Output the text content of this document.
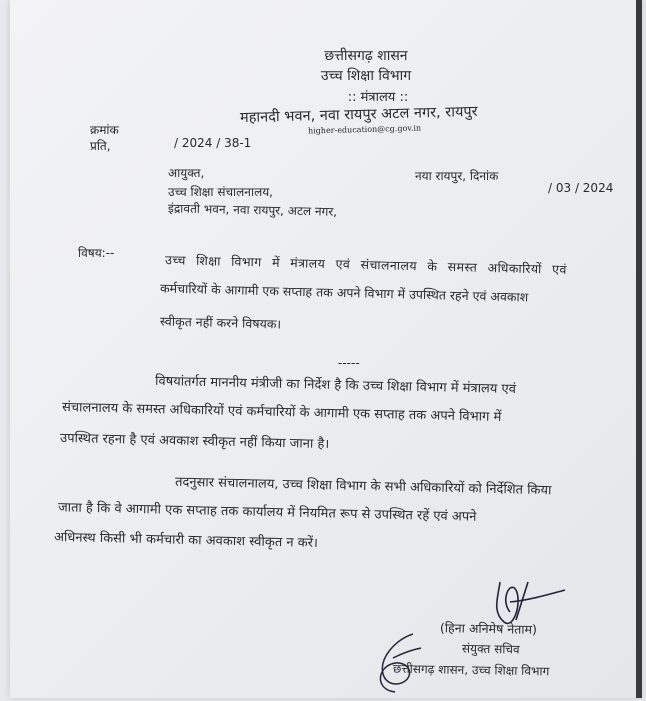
छत्तीसगढ़ शासन
उच्च शिक्षा विभाग
:: मंत्रालय ::
महानदी भवन, नवा रायपुर अटल नगर, रायपुर
higher-education@cg.gov.in
क्रमांक
/ 2024 / 38-1
प्रति,
नया रायपुर, दिनांक
/ 03 / 2024
आयुक्त,
उच्च शिक्षा संचालनालय,
इंद्रावती भवन, नवा रायपुर, अटल नगर,
विषय:--	उच्च शिक्षा विभाग में मंत्रालय एवं संचालनालय के समस्त अधिकारियों एवं
कर्मचारियों के आगामी एक सप्ताह तक अपने विभाग में उपस्थित रहने एवं अवकाश
स्वीकृत नहीं करने विषयक।
-----
विषयांतर्गत माननीय मंत्रीजी का निर्देश है कि उच्च शिक्षा विभाग में मंत्रालय एवं
संचालनालय के समस्त अधिकारियों एवं कर्मचारियों के आगामी एक सप्ताह तक अपने विभाग में
उपस्थित रहना है एवं अवकाश स्वीकृत नहीं किया जाना है।
तदनुसार संचालनालय, उच्च शिक्षा विभाग के सभी अधिकारियों को निर्देशित किया
जाता है कि वे आगामी एक सप्ताह तक कार्यालय में नियमित रूप से उपस्थित रहें एवं अपने
अधिनस्थ किसी भी कर्मचारी का अवकाश स्वीकृत न करें।
(हिना अनिमेष नेताम)
संयुक्त सचिव
छत्तीसगढ़ शासन, उच्च शिक्षा विभाग
